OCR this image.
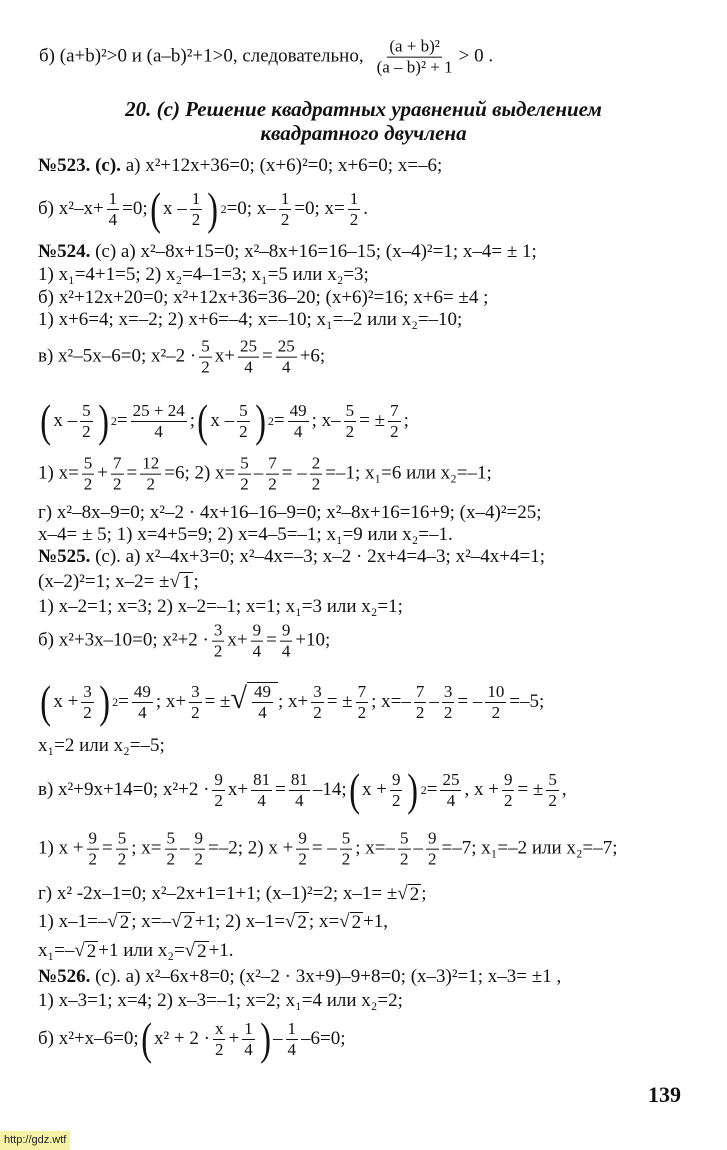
б) (a+b)²>0 и (a–b)²+1>0, следовательно, $\frac{\text{(a + b)²}}{\text{(a – b)² + 1}} > 0$ .
20. (с) Решение квадратных уравнений выделением
квадратного двучлена
№523. (с). а) x²+12x+36=0; (x+6)²=0; x+6=0; x=–6;
б) $x^2-x+ \frac{1}{4} =0$; ( x – $\frac{1}{2}$ ) 2 =0; $x- \frac{1}{2} =0$; $x= \frac{1}{2}$ .
№524. (с) а) x²–8x+15=0; x²–8x+16=16–15; (x–4)²=1; x–4= ± 1;
1) x₁=4+1=5; 2) x₂=4–1=3; x₁=5 или x₂=3;
б) x²+12x+20=0; x²+12x+36=36–20; (x+6)²=16; x+6= ±4 ;
1) x+6=4; x=–2; 2) x+6=–4; x=–10; x₁=–2 или x₂=–10;
в) x²–5x–6=0; $x^2-2 \cdot \frac{5}{2} x+ \frac{25}{4} = \frac{25}{4} +6$;
( x – $\frac{5}{2}$ ) $2 = \frac{25 + 24}{4}$ ; ( x – $\frac{5}{2}$ ) $2 = \frac{49}{4}$ ; $x- \frac{5}{2}$ = ± $\frac{7}{2}$ ;
1) $x= \frac{5}{2} + \frac{7}{2} = \frac{12}{2} =6$; 2) $x= \frac{5}{2} - \frac{7}{2}$ = – $\frac{2}{2} =-1$; x₁=6 или x₂=–1;
г) x²–8x–9=0; x²–2 · 4x+16–16–9=0; x²–8x+16=16+9; (x–4)²=25;
x–4= ± 5; 1) x=4+5=9; 2) x=4–5=–1; x₁=9 или x₂=–1.
№525. (с). а) x²–4x+3=0; x²–4x=–3; x–2 · 2x+4=4–3; x²–4x+4=1;
(x–2)²=1; x–2= ± √ 1 ;
1) x–2=1; x=3; 2) x–2=–1; x=1; x₁=3 или x₂=1;
б) x²+3x–10=0; $x^2+2 \cdot \frac{3}{2} x+ \frac{9}{4} = \frac{9}{4} +10$;
( $x + \frac{3}{2}$ ) $2 = \frac{49}{4}$ ; $x+ \frac{3}{2}$ = ± √ $\frac{49}{4}$ ; $x+ \frac{3}{2}$ = ± $\frac{7}{2}$ ; $x=- \frac{7}{2} - \frac{3}{2}$ = – $\frac{10}{2} =-5$;
x₁=2 или x₂=–5;
в) x²+9x+14=0; $x^2+2 \cdot \frac{9}{2} x+ \frac{81}{4} = \frac{81}{4} -14$; ( $x + \frac{9}{2}$ ) $2 = \frac{25}{4}$ , $x + \frac{9}{2}$ = ± $\frac{5}{2}$ ,
1) $x + \frac{9}{2} = \frac{5}{2}$ ; $x= \frac{5}{2} - \frac{9}{2} =-2$; 2) $x + \frac{9}{2}$ = – $\frac{5}{2}$ ; $x=- \frac{5}{2} - \frac{9}{2} =-7$; x₁=–2 или x₂=–7;
г) x² -2x–1=0; x²–2x+1=1+1; (x–1)²=2; x–1= ± √ 2 ;
1) x–1=– √ 2 ; x=– √ 2 +1; 2) x–1= √ 2 ; x= √ 2 +1,
x₁=– √ 2 +1 или x₂= √ 2 +1.
№526. (с). а) x²–6x+8=0; (x²–2 · 3x+9)–9+8=0; (x–3)²=1; x–3= ±1 ,
1) x–3=1; x=4; 2) x–3=–1; x=2; x₁=4 или x₂=2;
б) x²+x–6=0; ( $x^2 + 2 \cdot \frac{x}{2} + \frac{1}{4}$ ) – $\frac{1}{4} -6=0$;
139
http://gdz.wtf
